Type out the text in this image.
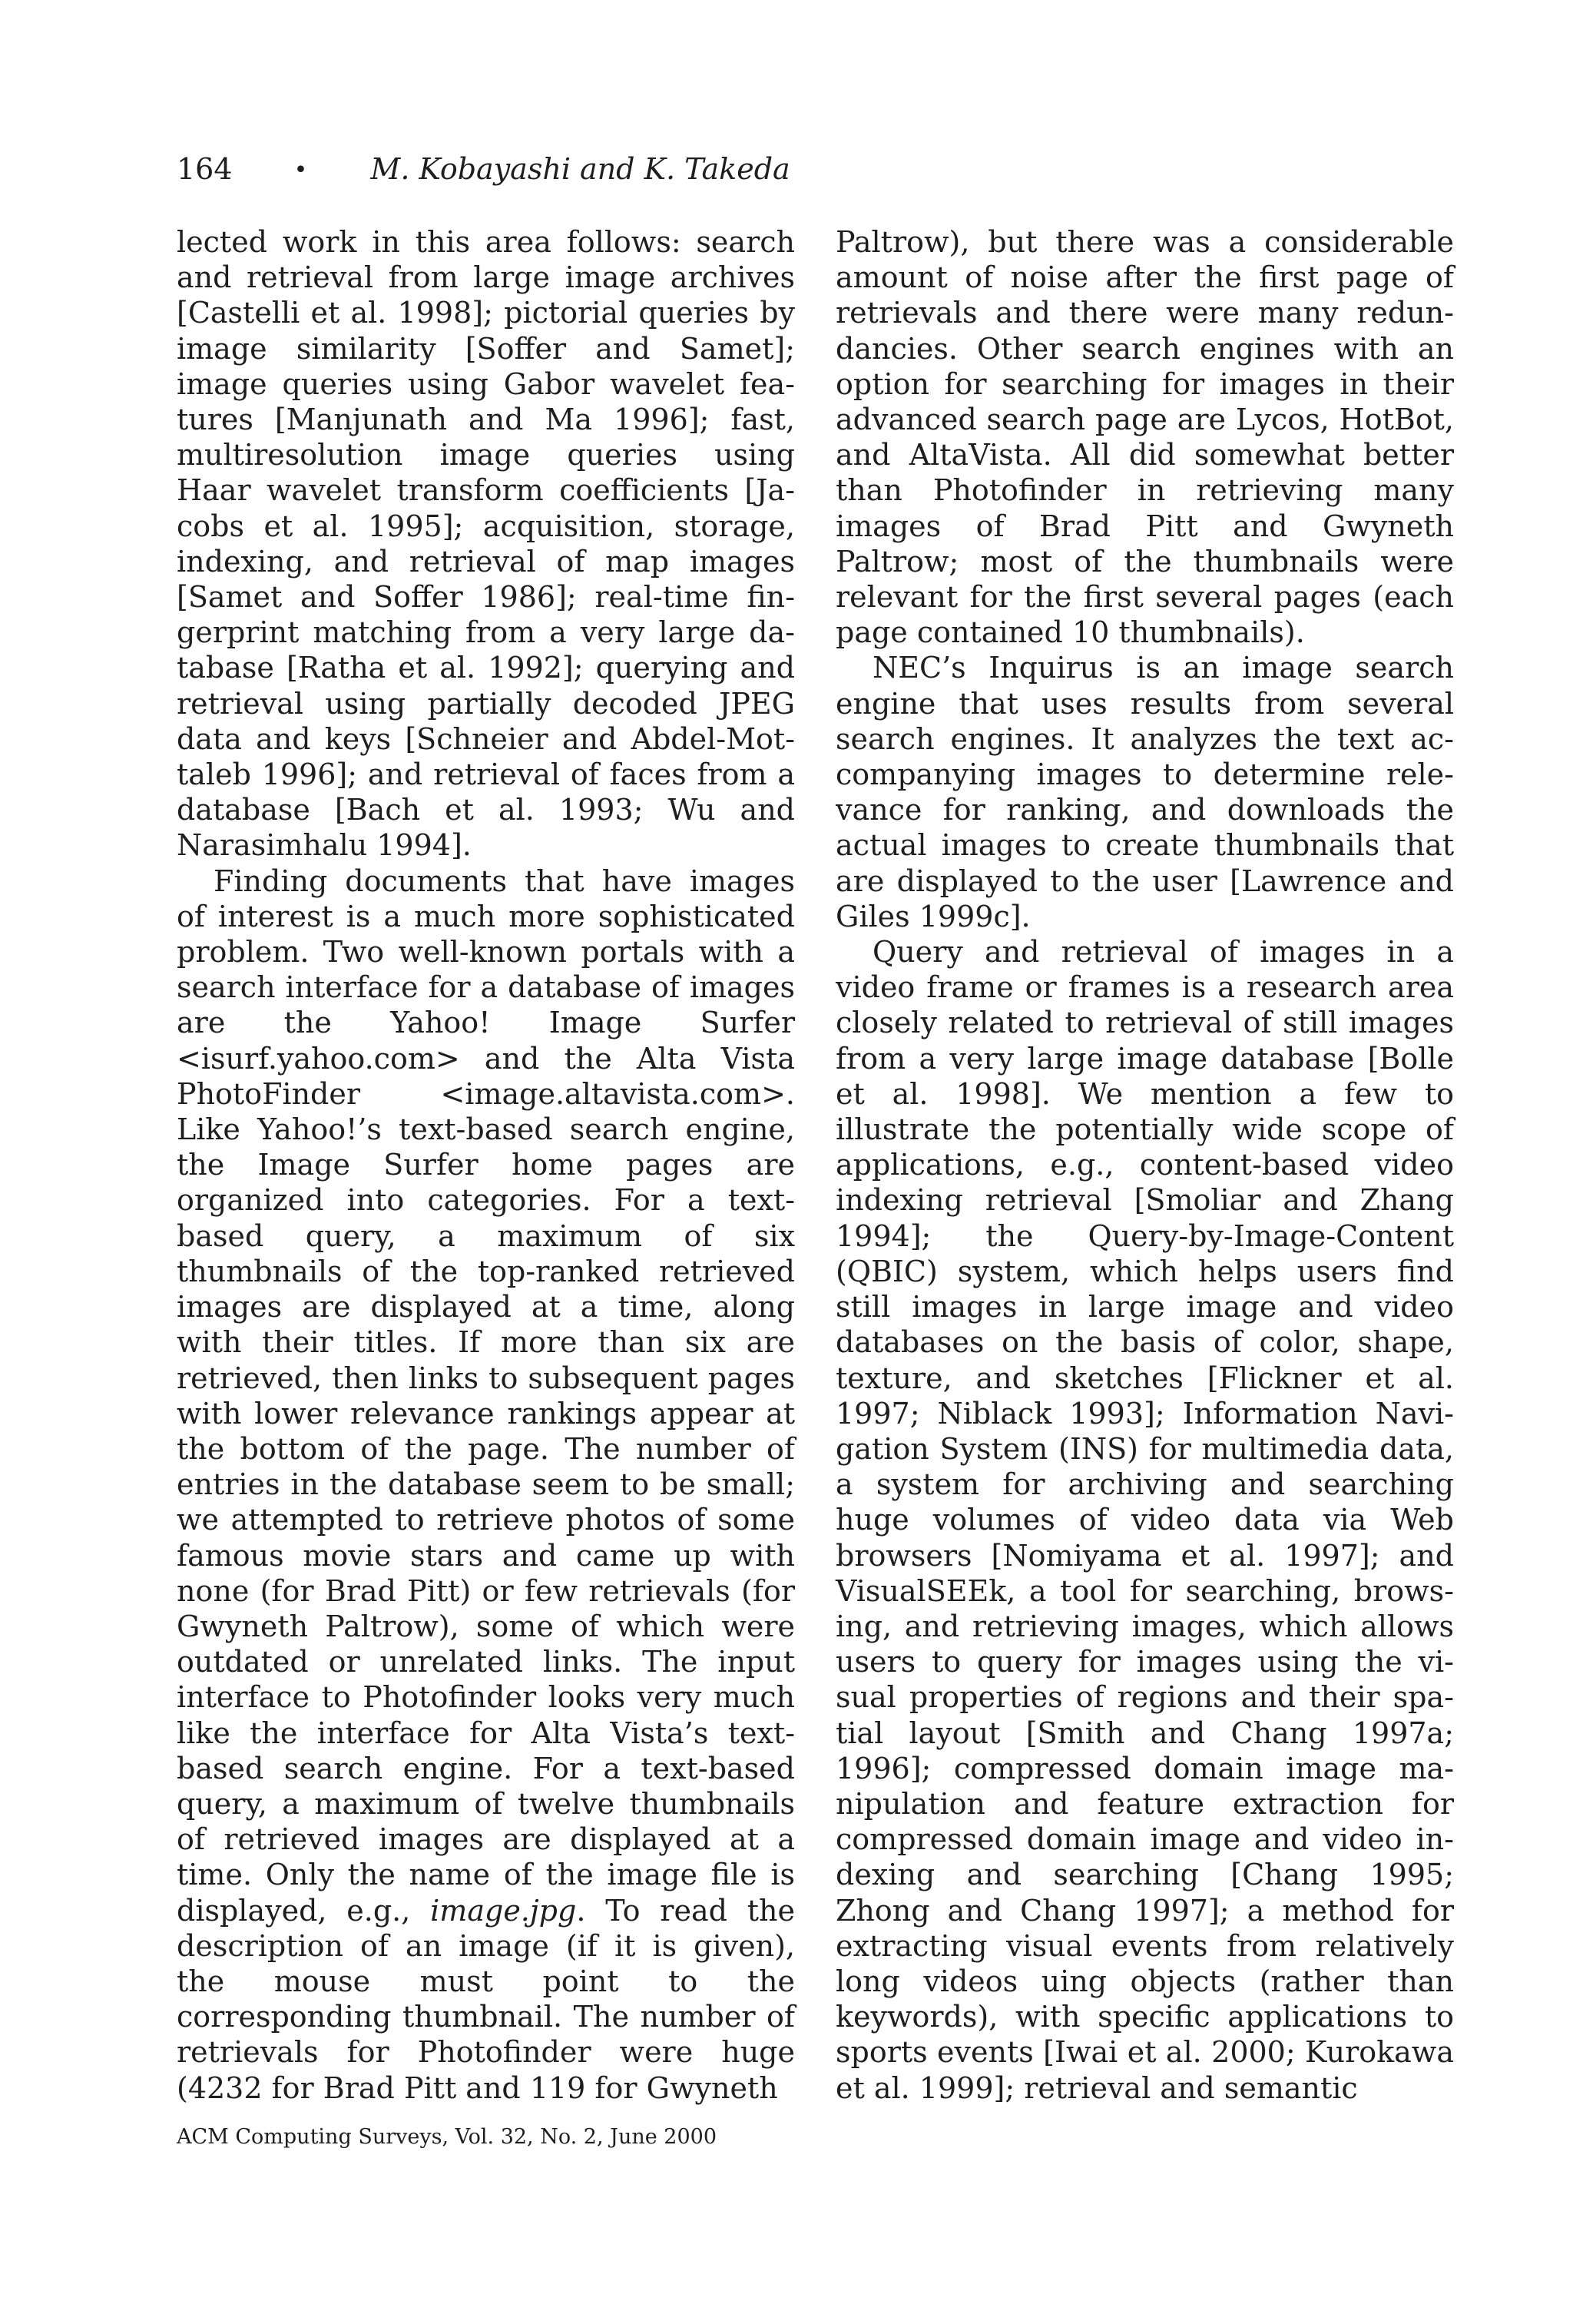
164	• M. Kobayashi and K. Takeda

lected work in this area follows: search and retrieval from large image archives [Castelli et al. 1998]; pictorial queries by image similarity [Soffer and Samet]; image queries using Gabor wavelet features [Manjunath and Ma 1996]; fast, multiresolution image queries using Haar wavelet transform coefficients [Jacobs et al. 1995]; acquisition, storage, indexing, and retrieval of map images [Samet and Soffer 1986]; real-time fingerprint matching from a very large database [Ratha et al. 1992]; querying and retrieval using partially decoded JPEG data and keys [Schneier and Abdel-Mottaleb 1996]; and retrieval of faces from a database [Bach et al. 1993; Wu and Narasimhalu 1994].

Finding documents that have images of interest is a much more sophisticated problem. Two well-known portals with a search interface for a database of images are the Yahoo! Image Surfer <isurf.yahoo.com> and the Alta Vista PhotoFinder <image.altavista.com>. Like Yahoo!’s text-based search engine, the Image Surfer home pages are organized into categories. For a text-based query, a maximum of six thumbnails of the top-ranked retrieved images are displayed at a time, along with their titles. If more than six are retrieved, then links to subsequent pages with lower relevance rankings appear at the bottom of the page. The number of entries in the database seem to be small; we attempted to retrieve photos of some famous movie stars and came up with none (for Brad Pitt) or few retrievals (for Gwyneth Paltrow), some of which were outdated or unrelated links. The input interface to Photofinder looks very much like the interface for Alta Vista’s text-based search engine. For a text-based query, a maximum of twelve thumbnails of retrieved images are displayed at a time. Only the name of the image file is displayed, e.g., image.jpg. To read the description of an image (if it is given), the mouse must point to the corresponding thumbnail. The number of retrievals for Photofinder were huge (4232 for Brad Pitt and 119 for Gwyneth

Paltrow), but there was a considerable amount of noise after the first page of retrievals and there were many redundancies. Other search engines with an option for searching for images in their advanced search page are Lycos, HotBot, and AltaVista. All did somewhat better than Photofinder in retrieving many images of Brad Pitt and Gwyneth Paltrow; most of the thumbnails were relevant for the first several pages (each page contained 10 thumbnails).

NEC’s Inquirus is an image search engine that uses results from several search engines. It analyzes the text accompanying images to determine relevance for ranking, and downloads the actual images to create thumbnails that are displayed to the user [Lawrence and Giles 1999c].

Query and retrieval of images in a video frame or frames is a research area closely related to retrieval of still images from a very large image database [Bolle et al. 1998]. We mention a few to illustrate the potentially wide scope of applications, e.g., content-based video indexing retrieval [Smoliar and Zhang 1994]; the Query-by-Image-Content (QBIC) system, which helps users find still images in large image and video databases on the basis of color, shape, texture, and sketches [Flickner et al. 1997; Niblack 1993]; Information Navigation System (INS) for multimedia data, a system for archiving and searching huge volumes of video data via Web browsers [Nomiyama et al. 1997]; and VisualSEEk, a tool for searching, browsing, and retrieving images, which allows users to query for images using the visual properties of regions and their spatial layout [Smith and Chang 1997a; 1996]; compressed domain image manipulation and feature extraction for compressed domain image and video indexing and searching [Chang 1995; Zhong and Chang 1997]; a method for extracting visual events from relatively long videos uing objects (rather than keywords), with specific applications to sports events [Iwai et al. 2000; Kurokawa et al. 1999]; retrieval and semantic

ACM Computing Surveys, Vol. 32, No. 2, June 2000
